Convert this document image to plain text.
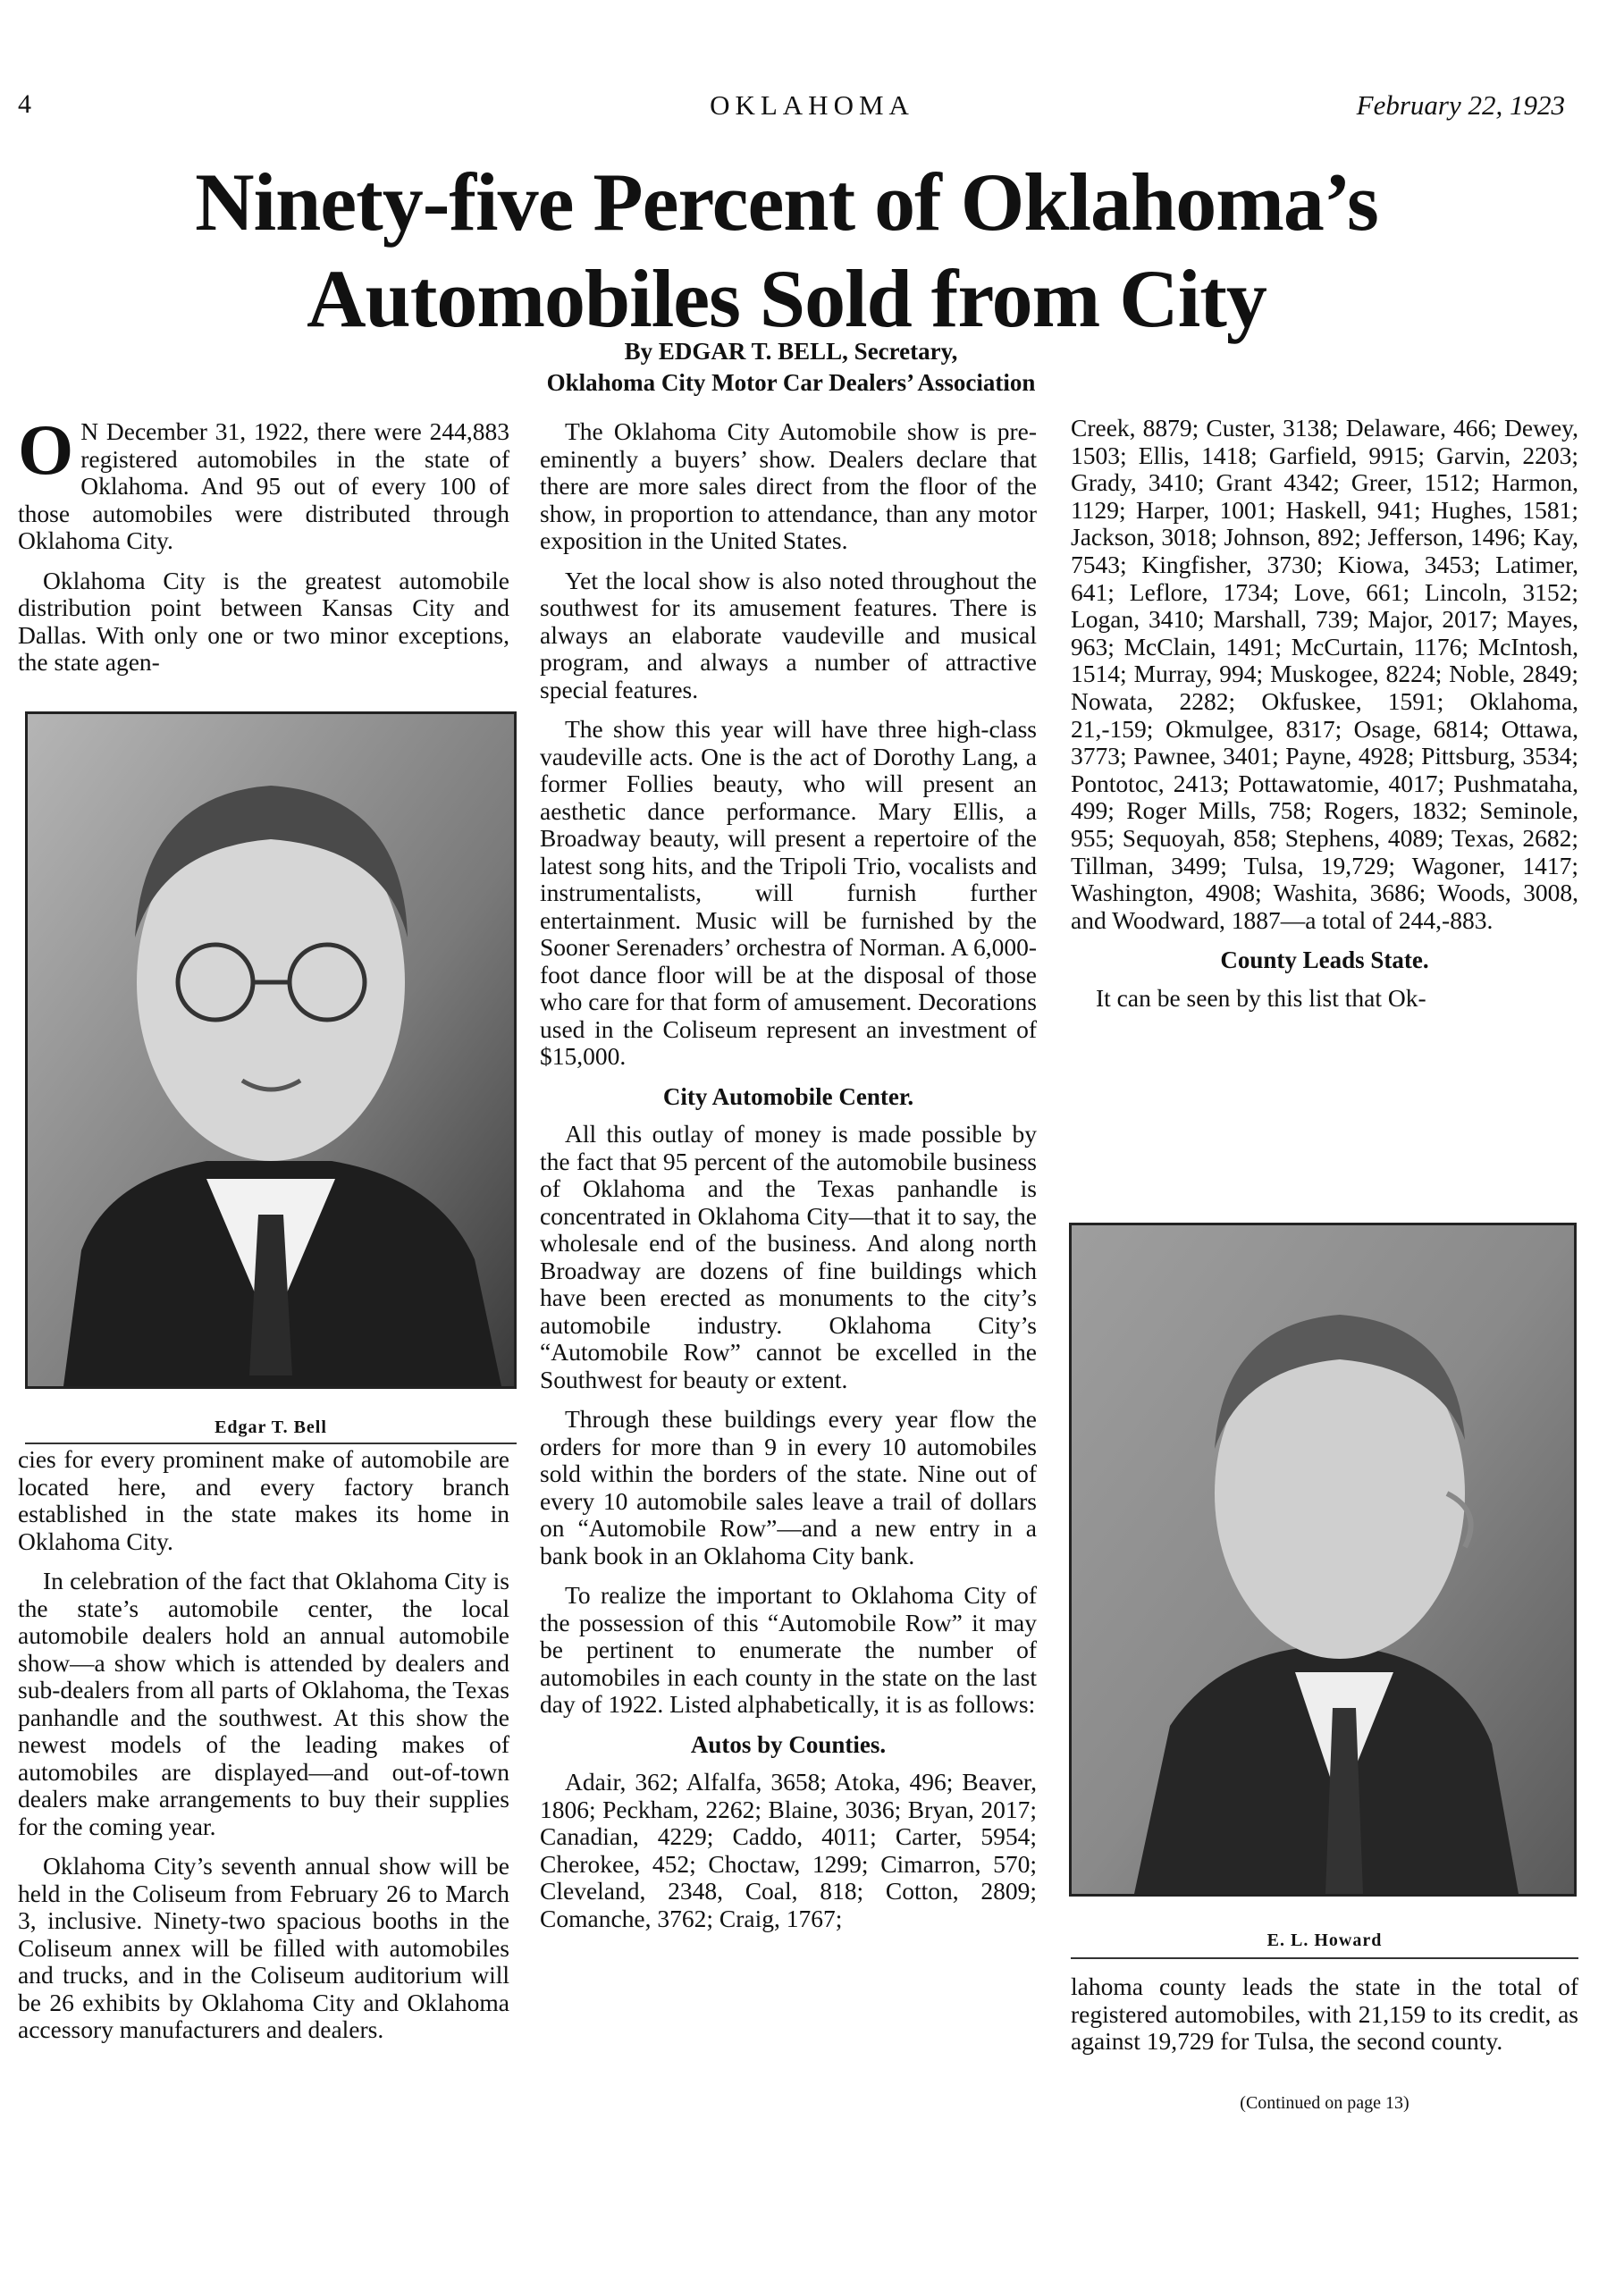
4	OKLAHOMA	February 22, 1923
Ninety-five Percent of Oklahoma’s
Automobiles Sold from City
By EDGAR T. BELL, Secretary,
Oklahoma City Motor Car Dealers’ Association

O N December 31, 1922, there were 244,883 registered automobiles in the state of Oklahoma. And 95 out of every 100 of those automobiles were distributed through Oklahoma City.

Oklahoma City is the greatest automobile distribution point between Kansas City and Dallas. With only one or two minor exceptions, the state agen-

Edgar T. Bell

cies for every prominent make of automobile are located here, and every factory branch established in the state makes its home in Oklahoma City.

In celebration of the fact that Oklahoma City is the state’s automobile center, the local automobile dealers hold an annual automobile show—a show which is attended by dealers and sub-dealers from all parts of Oklahoma, the Texas panhandle and the southwest. At this show the newest models of the leading makes of automobiles are displayed—and out-of-town dealers make arrangements to buy their supplies for the coming year.

Oklahoma City’s seventh annual show will be held in the Coliseum from February 26 to March 3, inclusive. Ninety-two spacious booths in the Coliseum annex will be filled with automobiles and trucks, and in the Coliseum auditorium will be 26 exhibits by Oklahoma City and Oklahoma accessory manufacturers and dealers.

The Oklahoma City Automobile show is pre-eminently a buyers’ show. Dealers declare that there are more sales direct from the floor of the show, in proportion to attendance, than any motor exposition in the United States.

Yet the local show is also noted throughout the southwest for its amusement features. There is always an elaborate vaudeville and musical program, and always a number of attractive special features.

The show this year will have three high-class vaudeville acts. One is the act of Dorothy Lang, a former Follies beauty, who will present an aesthetic dance performance. Mary Ellis, a Broadway beauty, will present a repertoire of the latest song hits, and the Tripoli Trio, vocalists and instrumentalists, will furnish further entertainment. Music will be furnished by the Sooner Serenaders’ orchestra of Norman. A 6,000-foot dance floor will be at the disposal of those who care for that form of amusement. Decorations used in the Coliseum represent an investment of $15,000.

City Automobile Center.

All this outlay of money is made possible by the fact that 95 percent of the automobile business of Oklahoma and the Texas panhandle is concentrated in Oklahoma City—that it to say, the wholesale end of the business. And along north Broadway are dozens of fine buildings which have been erected as monuments to the city’s automobile industry. Oklahoma City’s “Automobile Row” cannot be excelled in the Southwest for beauty or extent.

Through these buildings every year flow the orders for more than 9 in every 10 automobiles sold within the borders of the state. Nine out of every 10 automobile sales leave a trail of dollars on “Automobile Row”—and a new entry in a bank book in an Oklahoma City bank.

To realize the important to Oklahoma City of the possession of this “Automobile Row” it may be pertinent to enumerate the number of automobiles in each county in the state on the last day of 1922. Listed alphabetically, it is as follows:

Autos by Counties.

Adair, 362; Alfalfa, 3658; Atoka, 496; Beaver, 1806; Peckham, 2262; Blaine, 3036; Bryan, 2017; Canadian, 4229; Caddo, 4011; Carter, 5954; Cherokee, 452; Choctaw, 1299; Cimarron, 570; Cleveland, 2348, Coal, 818; Cotton, 2809; Comanche, 3762; Craig, 1767;

Creek, 8879; Custer, 3138; Delaware, 466; Dewey, 1503; Ellis, 1418; Garfield, 9915; Garvin, 2203; Grady, 3410; Grant 4342; Greer, 1512; Harmon, 1129; Harper, 1001; Haskell, 941; Hughes, 1581; Jackson, 3018; Johnson, 892; Jefferson, 1496; Kay, 7543; Kingfisher, 3730; Kiowa, 3453; Latimer, 641; Leflore, 1734; Love, 661; Lincoln, 3152; Logan, 3410; Marshall, 739; Major, 2017; Mayes, 963; McClain, 1491; McCurtain, 1176; McIntosh, 1514; Murray, 994; Muskogee, 8224; Noble, 2849; Nowata, 2282; Okfuskee, 1591; Oklahoma, 21,-159; Okmulgee, 8317; Osage, 6814; Ottawa, 3773; Pawnee, 3401; Payne, 4928; Pittsburg, 3534; Pontotoc, 2413; Pottawatomie, 4017; Pushmataha, 499; Roger Mills, 758; Rogers, 1832; Seminole, 955; Sequoyah, 858; Stephens, 4089; Texas, 2682; Tillman, 3499; Tulsa, 19,729; Wagoner, 1417; Washington, 4908; Washita, 3686; Woods, 3008, and Woodward, 1887—a total of 244,-883.

County Leads State.

It can be seen by this list that Ok-

E. L. Howard

lahoma county leads the state in the total of registered automobiles, with 21,159 to its credit, as against 19,729 for Tulsa, the second county.

(Continued on page 13)
